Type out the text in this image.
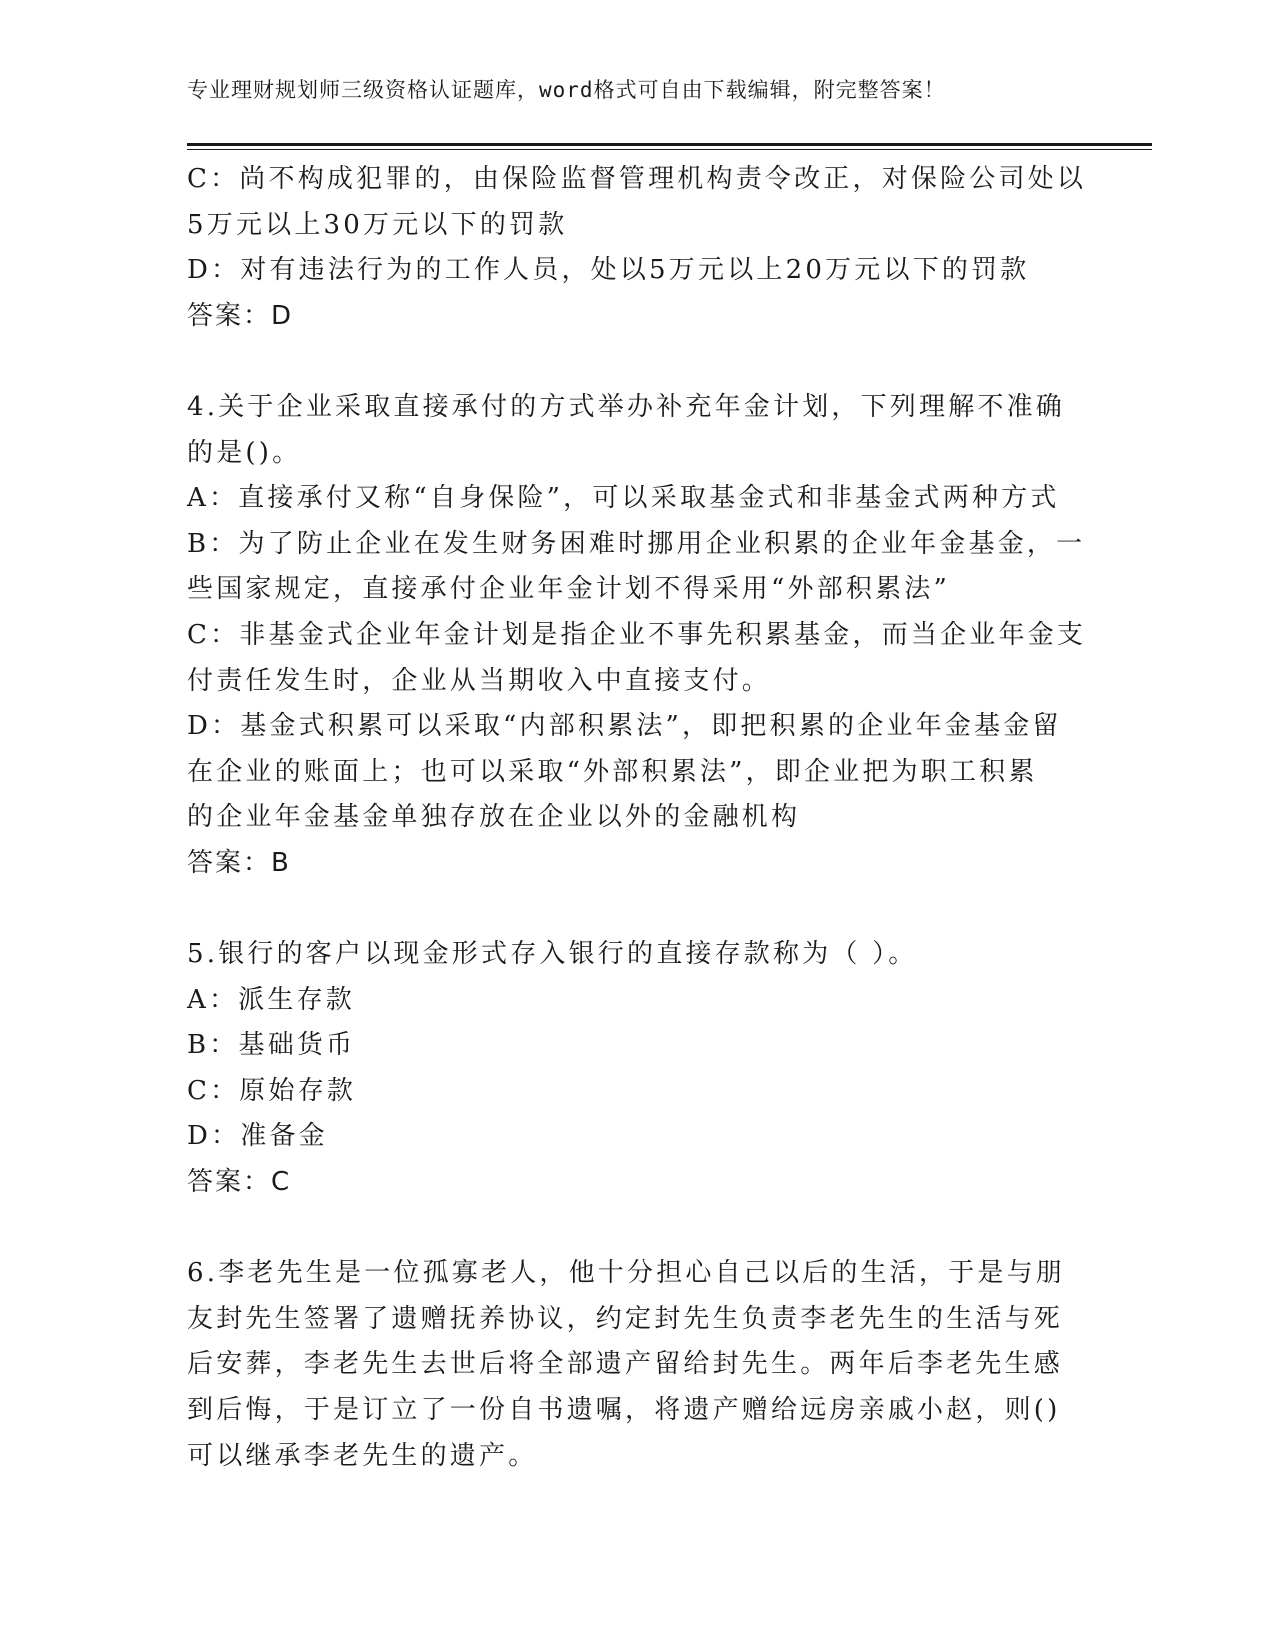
专业理财规划师三级资格认证题库，word格式可自由下载编辑，附完整答案！

C：尚不构成犯罪的，由保险监督管理机构责令改正，对保险公司处以

5万元以上30万元以下的罚款

D：对有违法行为的工作人员，处以5万元以上20万元以下的罚款

答案：D

4.关于企业采取直接承付的方式举办补充年金计划，下列理解不准确

的是()。

A：直接承付又称“自身保险”，可以采取基金式和非基金式两种方式

B：为了防止企业在发生财务困难时挪用企业积累的企业年金基金，一

些国家规定，直接承付企业年金计划不得采用“外部积累法”

C：非基金式企业年金计划是指企业不事先积累基金，而当企业年金支

付责任发生时，企业从当期收入中直接支付。

D：基金式积累可以采取“内部积累法”，即把积累的企业年金基金留

在企业的账面上；也可以采取“外部积累法”，即企业把为职工积累

的企业年金基金单独存放在企业以外的金融机构

答案：B

5.银行的客户以现金形式存入银行的直接存款称为（ ）。

A：派生存款

B：基础货币

C：原始存款

D：准备金

答案：C

6.李老先生是一位孤寡老人，他十分担心自己以后的生活，于是与朋

友封先生签署了遗赠抚养协议，约定封先生负责李老先生的生活与死

后安葬，李老先生去世后将全部遗产留给封先生。两年后李老先生感

到后悔，于是订立了一份自书遗嘱，将遗产赠给远房亲戚小赵，则()

可以继承李老先生的遗产。
